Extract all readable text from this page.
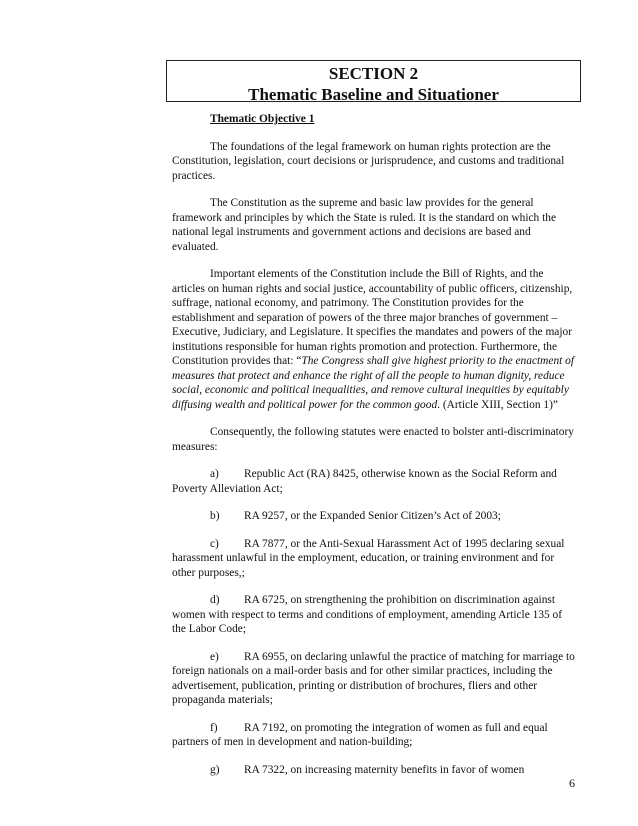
SECTION 2
Thematic Baseline and Situationer

Thematic Objective 1

The foundations of the legal framework on human rights protection are the Constitution, legislation, court decisions or jurisprudence, and customs and traditional practices.

The Constitution as the supreme and basic law provides for the general framework and principles by which the State is ruled. It is the standard on which the national legal instruments and government actions and decisions are based and evaluated.

Important elements of the Constitution include the Bill of Rights, and the articles on human rights and social justice, accountability of public officers, citizenship, suffrage, national economy, and patrimony. The Constitution provides for the establishment and separation of powers of the three major branches of government – Executive, Judiciary, and Legislature. It specifies the mandates and powers of the major institutions responsible for human rights promotion and protection. Furthermore, the Constitution provides that: “The Congress shall give highest priority to the enactment of measures that protect and enhance the right of all the people to human dignity, reduce social, economic and political inequalities, and remove cultural inequities by equitably diffusing wealth and political power for the common good. (Article XIII, Section 1)”

Consequently, the following statutes were enacted to bolster anti-discriminatory measures:

a) Republic Act (RA) 8425, otherwise known as the Social Reform and Poverty Alleviation Act;
b) RA 9257, or the Expanded Senior Citizen’s Act of 2003;
c) RA 7877, or the Anti-Sexual Harassment Act of 1995 declaring sexual harassment unlawful in the employment, education, or training environment and for other purposes,;
d) RA 6725, on strengthening the prohibition on discrimination against women with respect to terms and conditions of employment, amending Article 135 of the Labor Code;
e) RA 6955, on declaring unlawful the practice of matching for marriage to foreign nationals on a mail-order basis and for other similar practices, including the advertisement, publication, printing or distribution of brochures, fliers and other propaganda materials;
f) RA 7192, on promoting the integration of women as full and equal partners of men in development and nation-building;
g) RA 7322, on increasing maternity benefits in favor of women
6
